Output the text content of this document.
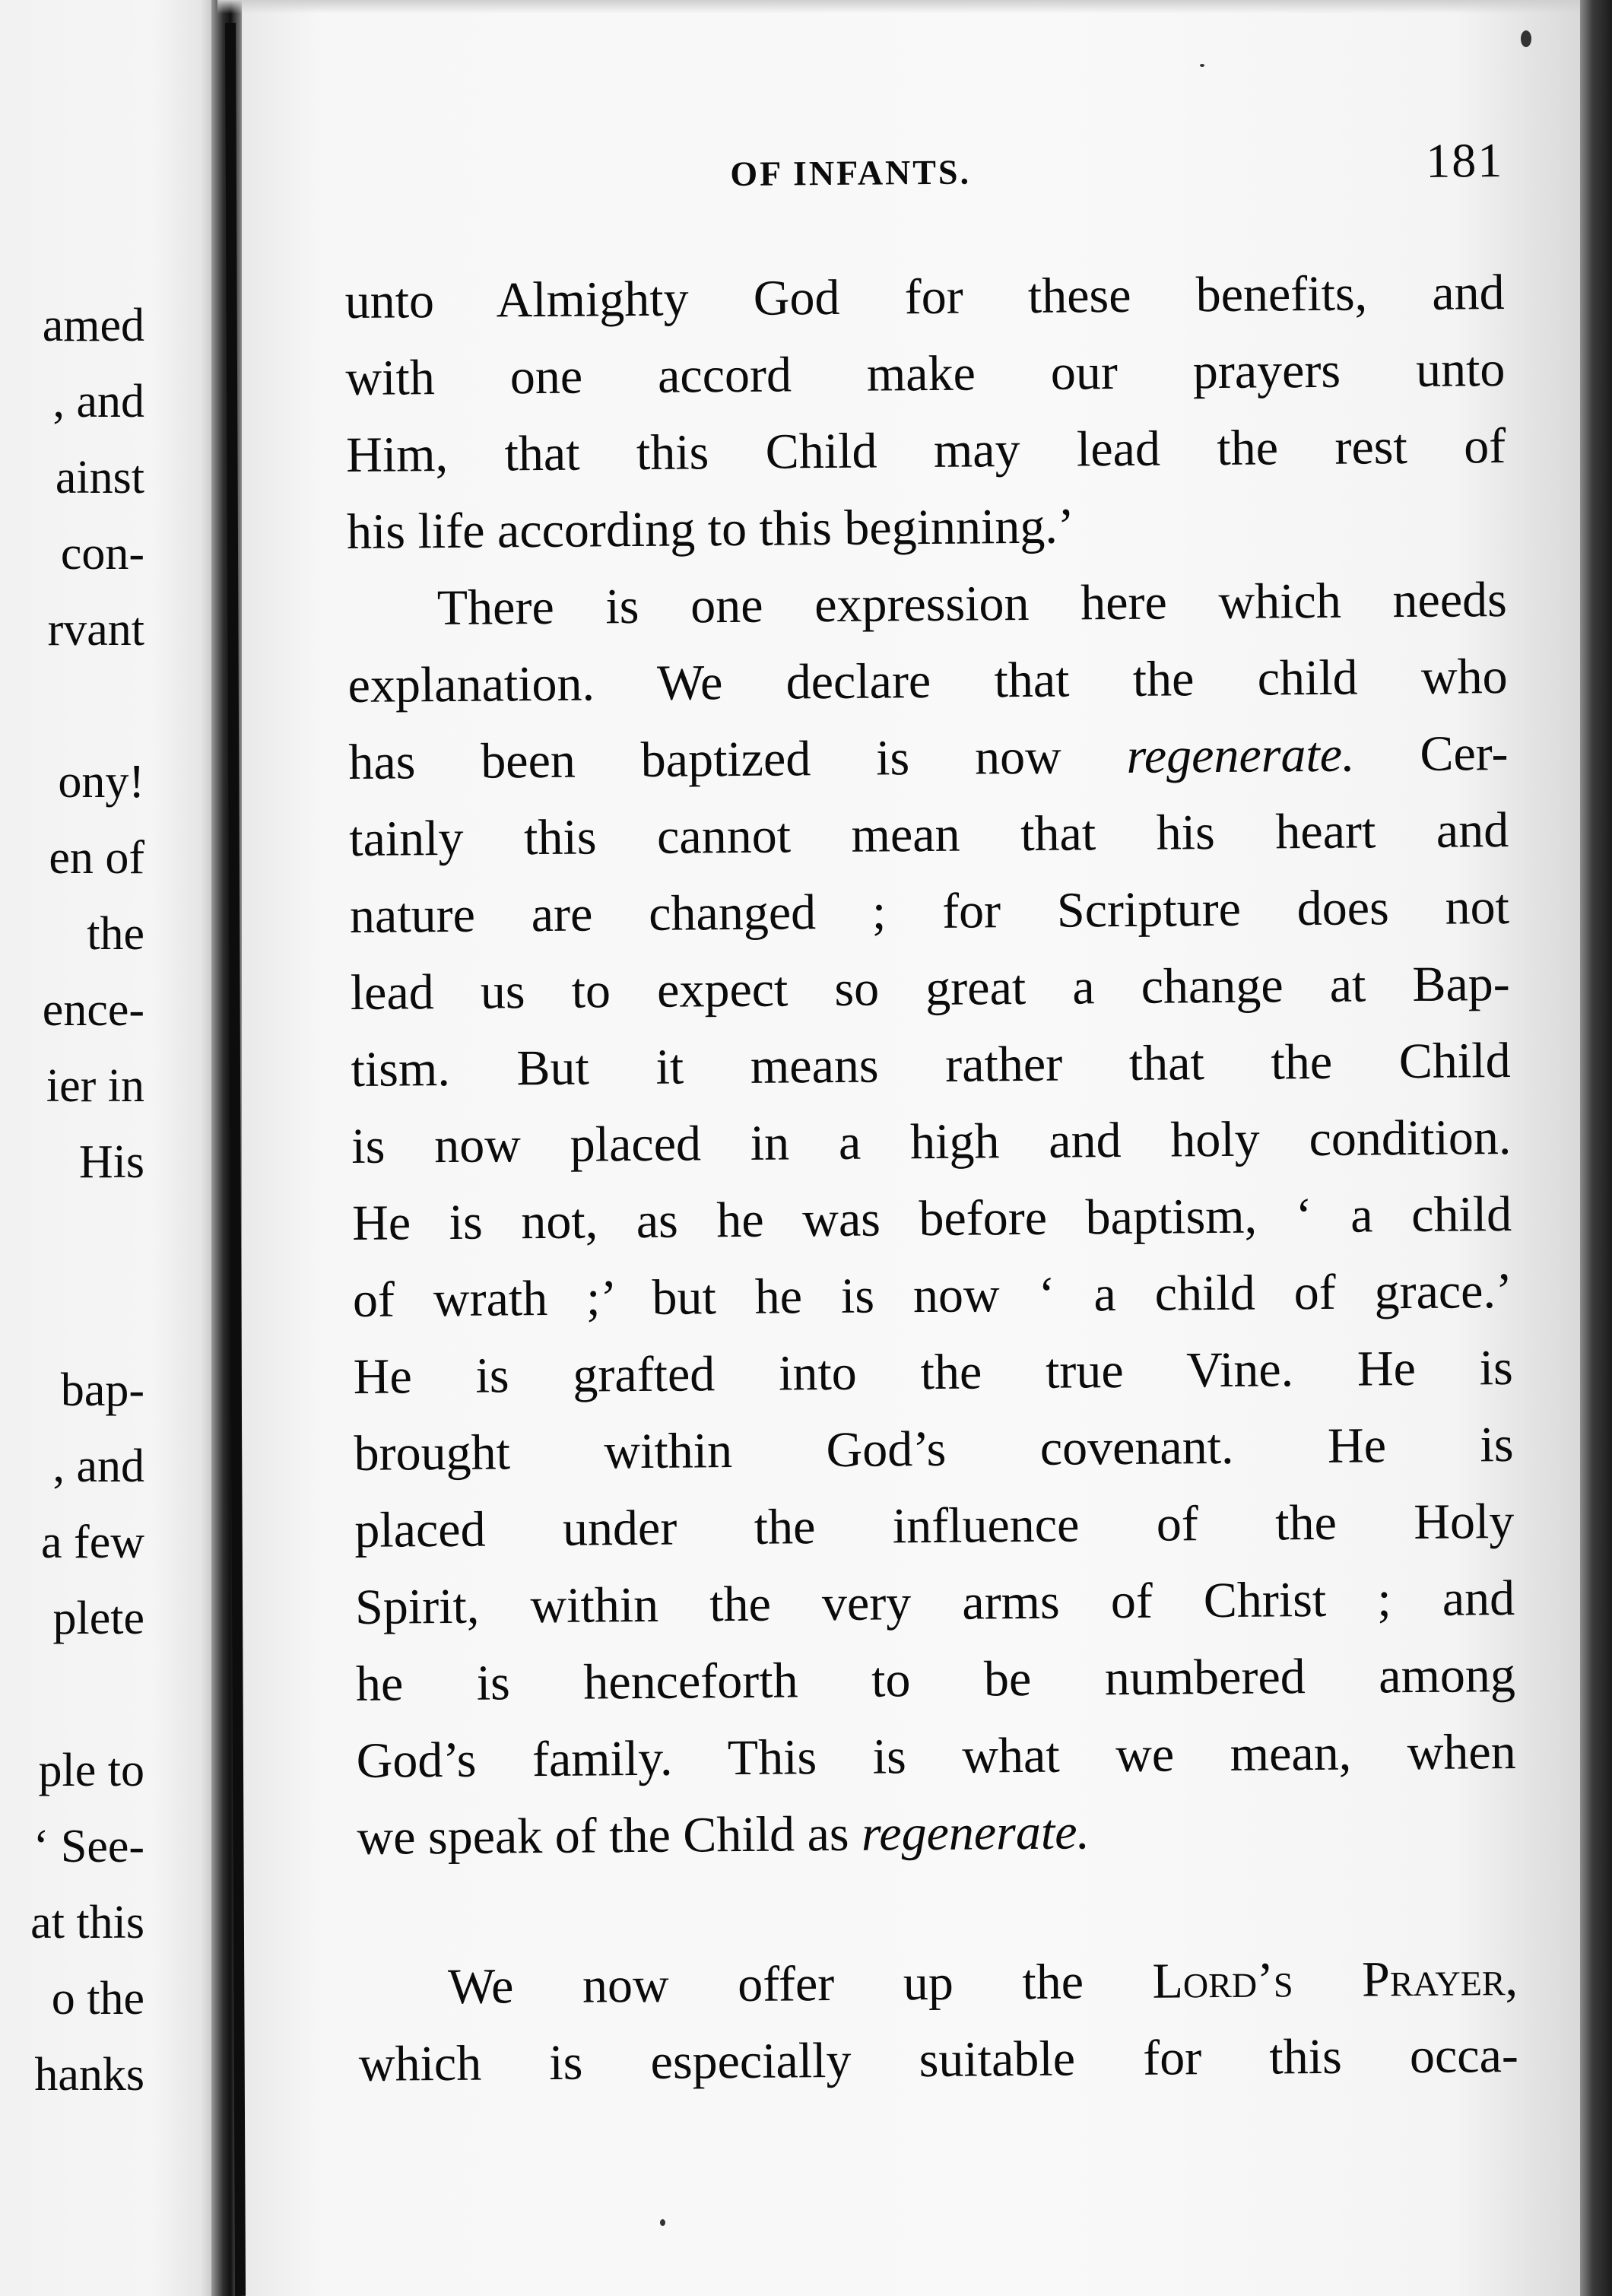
amed
, and
ainst
con-
rvant
ony!
en of
the
ence-
ier in
His
bap-
, and
a few
plete
ple to
‘ See-
at this
o the
hanks
OF INFANTS.	181
unto Almighty God for these benefits, and
with one accord make our prayers unto
Him, that this Child may lead the rest of
his life according to this beginning.’
There is one expression here which needs
explanation. We declare that the child who
has been baptized is now regenerate. Cer-
tainly this cannot mean that his heart and
nature are changed ; for Scripture does not
lead us to expect so great a change at Bap-
tism. But it means rather that the Child
is now placed in a high and holy condition.
He is not, as he was before baptism, ‘ a child
of wrath ;’ but he is now ‘ a child of grace.’
He is grafted into the true Vine. He is
brought within God’s covenant. He is
placed under the influence of the Holy
Spirit, within the very arms of Christ ; and
he is henceforth to be numbered among
God’s family. This is what we mean, when
we speak of the Child as regenerate.
We now offer up the Lord’s Prayer,
which is especially suitable for this occa-
